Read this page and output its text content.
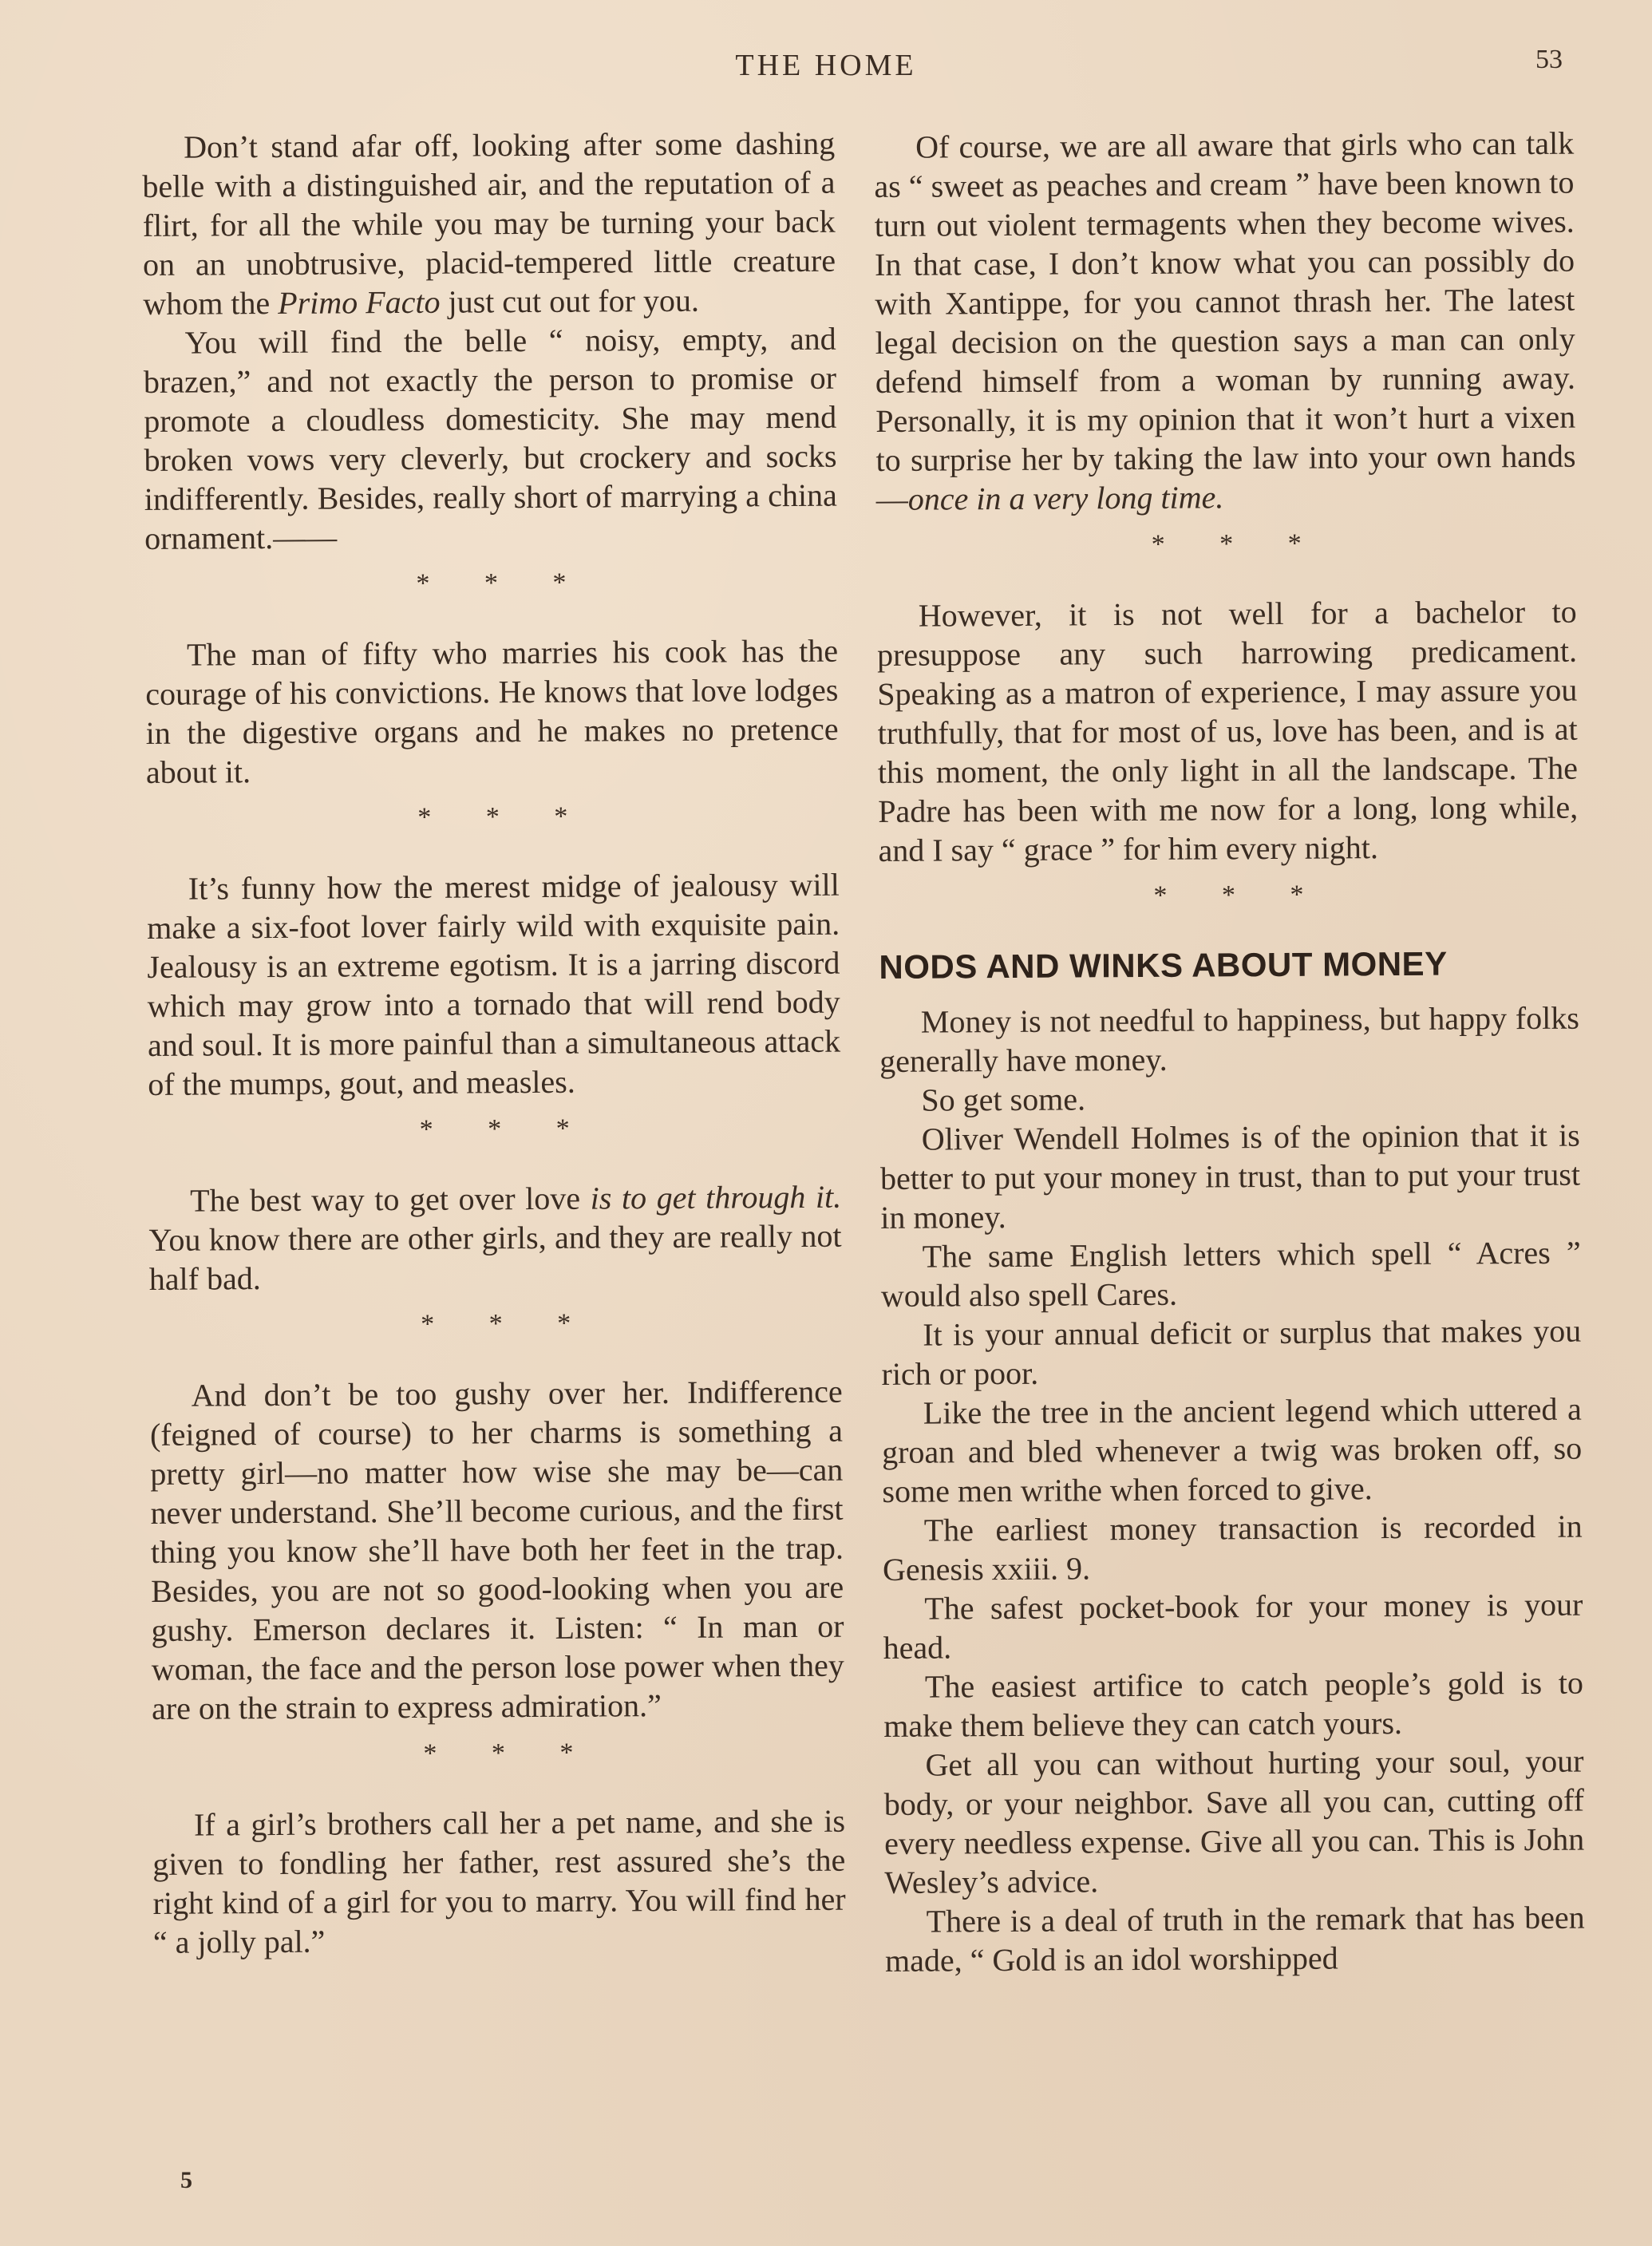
THE HOME	53

Don’t stand afar off, looking after some dashing belle with a distinguished air, and the reputation of a flirt, for all the while you may be turning your back on an unobtrusive, placid-tempered little creature whom the Primo Facto just cut out for you.

You will find the belle “ noisy, empty, and brazen,” and not exactly the person to promise or promote a cloudless domesticity. She may mend broken vows very cleverly, but crockery and socks indifferently. Besides, really short of marrying a china ornament.——

* * *

The man of fifty who marries his cook has the courage of his convictions. He knows that love lodges in the digestive organs and he makes no pretence about it.

* * *

It’s funny how the merest midge of jealousy will make a six-foot lover fairly wild with exquisite pain. Jealousy is an extreme egotism. It is a jarring discord which may grow into a tornado that will rend body and soul. It is more painful than a simultaneous attack of the mumps, gout, and measles.

* * *

The best way to get over love is to get through it. You know there are other girls, and they are really not half bad.

* * *

And don’t be too gushy over her. Indifference (feigned of course) to her charms is something a pretty girl—no matter how wise she may be—can never understand. She’ll become curious, and the first thing you know she’ll have both her feet in the trap. Besides, you are not so good-looking when you are gushy. Emerson declares it. Listen: “ In man or woman, the face and the person lose power when they are on the strain to express admiration.”

* * *

If a girl’s brothers call her a pet name, and she is given to fondling her father, rest assured she’s the right kind of a girl for you to marry. You will find her “ a jolly pal.”

Of course, we are all aware that girls who can talk as “ sweet as peaches and cream ” have been known to turn out violent termagents when they become wives. In that case, I don’t know what you can possibly do with Xantippe, for you cannot thrash her. The latest legal decision on the question says a man can only defend himself from a woman by running away. Personally, it is my opinion that it won’t hurt a vixen to surprise her by taking the law into your own hands—once in a very long time.

* * *

However, it is not well for a bachelor to presuppose any such harrowing predicament. Speaking as a matron of experience, I may assure you truthfully, that for most of us, love has been, and is at this moment, the only light in all the landscape. The Padre has been with me now for a long, long while, and I say “ grace ” for him every night.

* * *
NODS AND WINKS ABOUT MONEY

Money is not needful to happiness, but happy folks generally have money.

So get some.

Oliver Wendell Holmes is of the opinion that it is better to put your money in trust, than to put your trust in money.

The same English letters which spell “ Acres ” would also spell Cares.

It is your annual deficit or surplus that makes you rich or poor.

Like the tree in the ancient legend which uttered a groan and bled whenever a twig was broken off, so some men writhe when forced to give.

The earliest money transaction is recorded in Genesis xxiii. 9.

The safest pocket-book for your money is your head.

The easiest artifice to catch people’s gold is to make them believe they can catch yours.

Get all you can without hurting your soul, your body, or your neighbor. Save all you can, cutting off every needless expense. Give all you can. This is John Wesley’s advice.

There is a deal of truth in the remark that has been made, “ Gold is an idol worshipped

5
